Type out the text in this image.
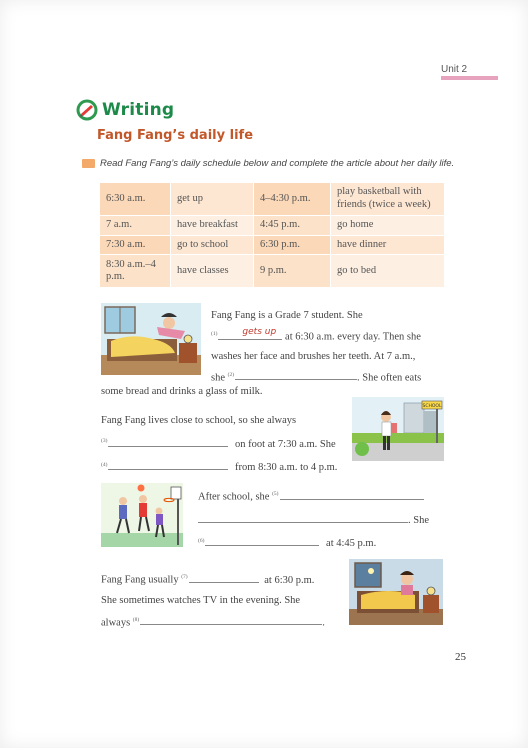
Unit 2
Writing
Fang Fang’s daily life
Read Fang Fang’s daily schedule below and complete the article about her daily life.
6:30 a.m.	get up	4–4:30 p.m.	play basketball with friends (twice a week)
7 a.m.	have breakfast	4:45 p.m.	go home
7:30 a.m.	go to school	6:30 p.m.	have dinner
8:30 a.m.–4 p.m.	have classes	9 p.m.	go to bed
Fang Fang is a Grade 7 student. She
$^{(1)}$	gets up at 6:30 a.m. every day. Then she
washes her face and brushes her teeth. At 7 a.m.,
she $^{(2)}$	. She often eats
some bread and drinks a glass of milk.
Fang Fang lives close to school, so she always
$^{(3)}$	on foot at 7:30 a.m. She
$^{(4)}$	from 8:30 a.m. to 4 p.m.
SCHOOL
After school, she $^{(5)}$
. She
$^{(6)}$	at 4:45 p.m.
Fang Fang usually $^{(7)}$	at 6:30 p.m.
She sometimes watches TV in the evening. She
always $^{(8)}$	.
25
